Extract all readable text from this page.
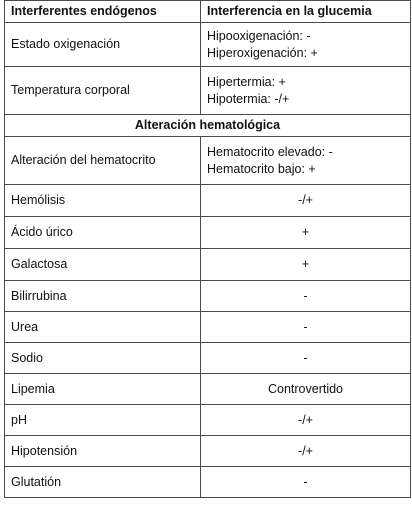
Interferentes endógenos	Interferencia en la glucemia
Estado oxigenación	Hipooxigenación: -
Hiperoxigenación: +

Temperatura corporal	Hipertermia: +
Hipotermia: -/+

Alteración hematológica	
Alteración del hematocrito	Hematocrito elevado: -
Hematocrito bajo: +

Hemólisis	-/+
Ácido úrico	+
Galactosa	+
Bilirrubina	-
Urea	-
Sodio	-
Lipemia	Controvertido
pH	-/+
Hipotensión	-/+
Glutatión	-
